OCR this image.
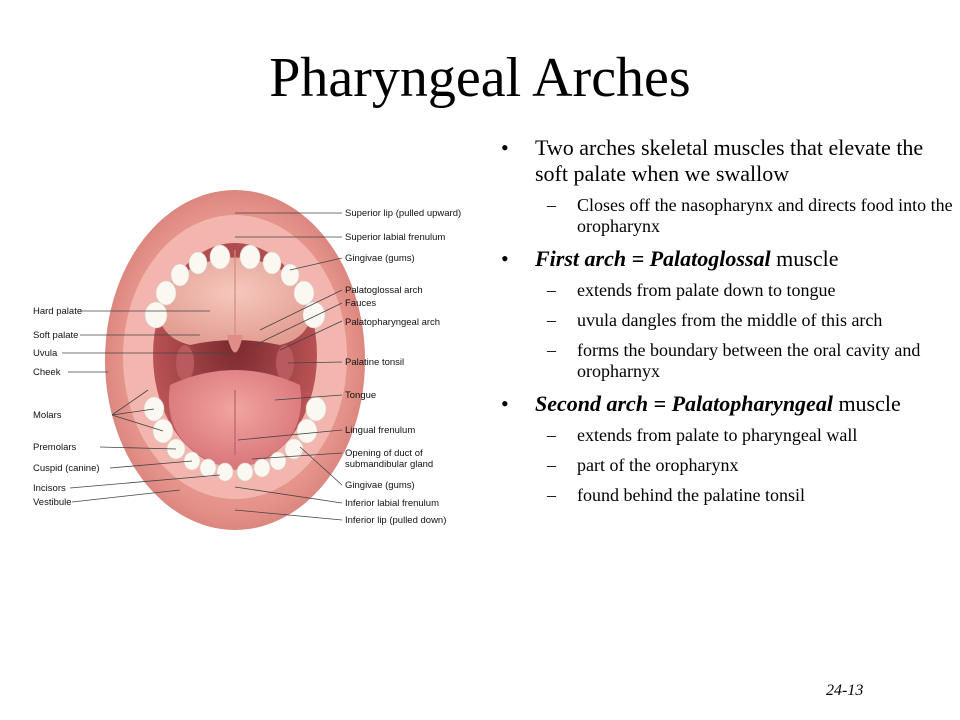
Pharyngeal Arches
Superior lip (pulled upward)
Superior labial frenulum
Gingivae (gums)
Palatoglossal arch
Fauces
Palatopharyngeal arch
Palatine tonsil
Tongue
Lingual frenulum
Opening of duct of
submandibular gland
Gingivae (gums)
Inferior labial frenulum
Inferior lip (pulled down)
Hard palate
Soft palate
Uvula
Cheek
Molars
Premolars
Cuspid (canine)
Incisors
Vestibule
• Two arches skeletal muscles that elevate the soft palate when we swallow
– Closes off the nasopharynx and directs food into the oropharynx
• First arch = Palatoglossal muscle
– extends from palate down to tongue
– uvula dangles from the middle of this arch
– forms the boundary between the oral cavity and oropharnyx
• Second arch = Palatopharyngeal muscle
– extends from palate to pharyngeal wall
– part of the oropharynx
– found behind the palatine tonsil
24-13
